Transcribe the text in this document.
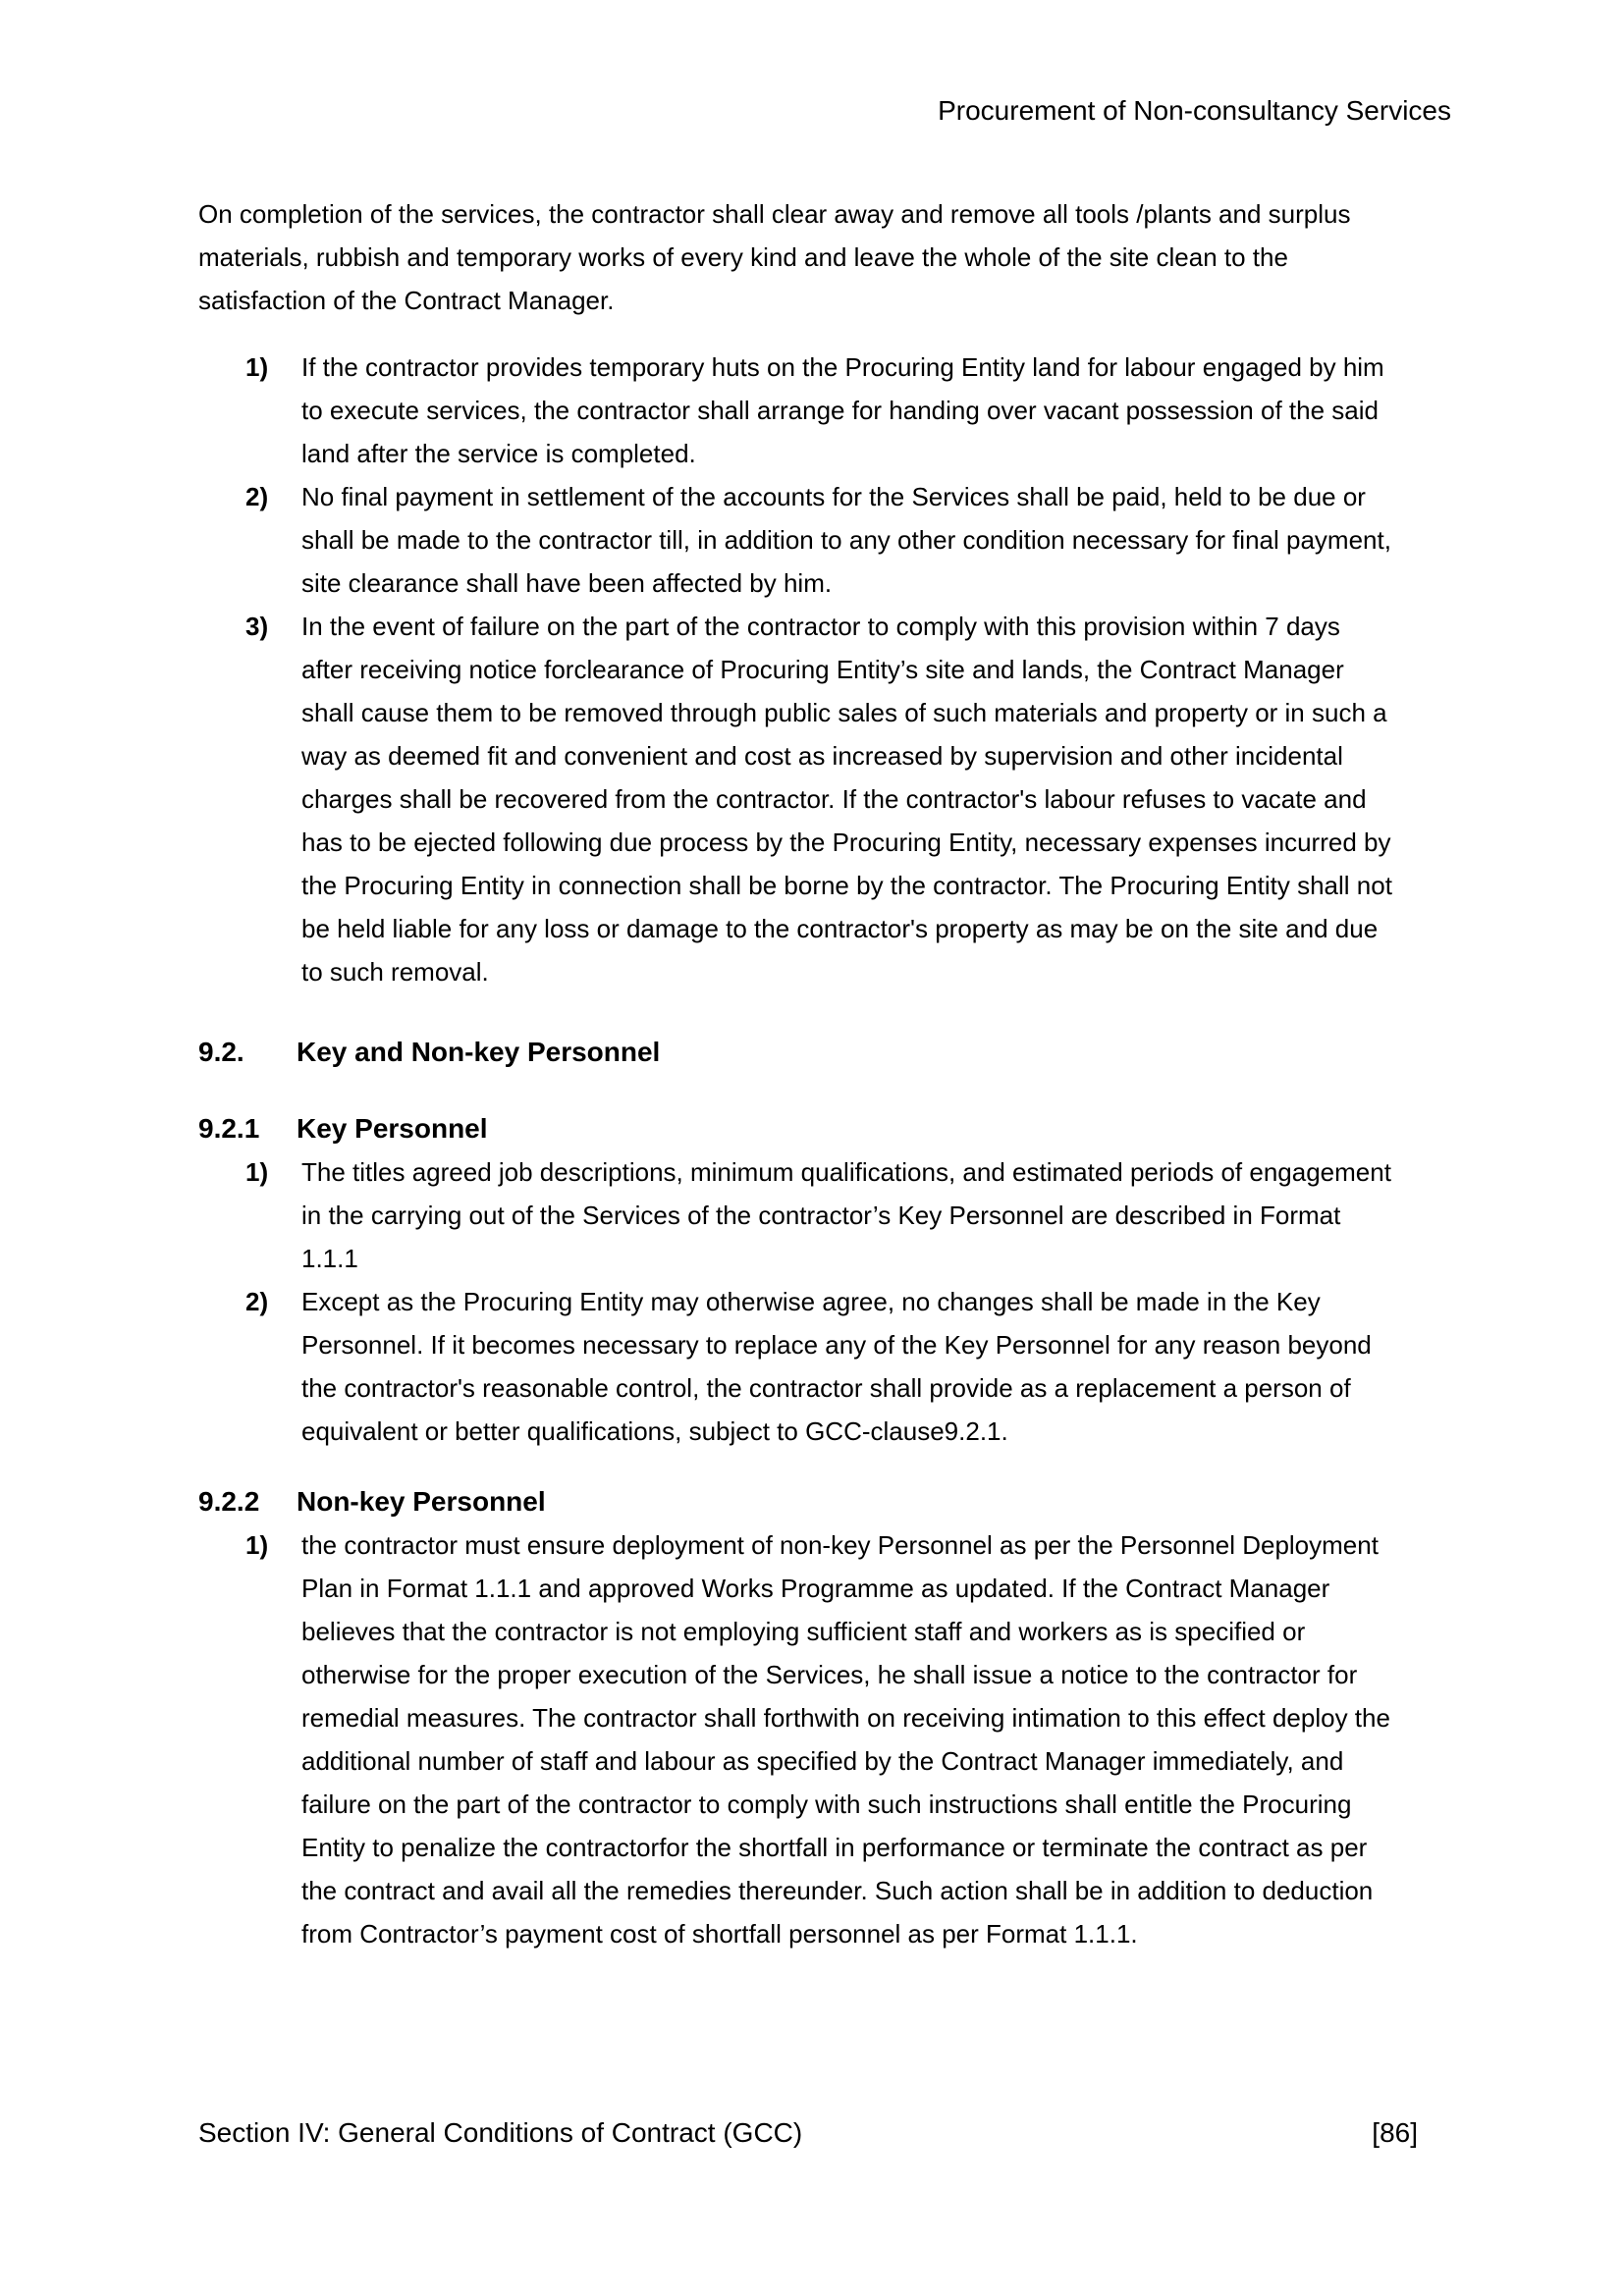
Procurement of Non-consultancy Services

On completion of the services, the contractor shall clear away and remove all tools /plants and surplus materials, rubbish and temporary works of every kind and leave the whole of the site clean to the satisfaction of the Contract Manager.

1)	If the contractor provides temporary huts on the Procuring Entity land for labour engaged by him to execute services, the contractor shall arrange for handing over vacant possession of the said land after the service is completed.
2)	No final payment in settlement of the accounts for the Services shall be paid, held to be due or shall be made to the contractor till, in addition to any other condition necessary for final payment, site clearance shall have been affected by him.
3)	In the event of failure on the part of the contractor to comply with this provision within 7 days after receiving notice forclearance of Procuring Entity’s site and lands, the Contract Manager shall cause them to be removed through public sales of such materials and property or in such a way as deemed fit and convenient and cost as increased by supervision and other incidental charges shall be recovered from the contractor. If the contractor's labour refuses to vacate and has to be ejected following due process by the Procuring Entity, necessary expenses incurred by the Procuring Entity in connection shall be borne by the contractor. The Procuring Entity shall not be held liable for any loss or damage to the contractor's property as may be on the site and due to such removal.
9.2.	Key and Non-key Personnel
9.2.1	Key Personnel
1)	The titles agreed job descriptions, minimum qualifications, and estimated periods of engagement in the carrying out of the Services of the contractor’s Key Personnel are described in Format 1.1.1
2)	Except as the Procuring Entity may otherwise agree, no changes shall be made in the Key Personnel. If it becomes necessary to replace any of the Key Personnel for any reason beyond the contractor's reasonable control, the contractor shall provide as a replacement a person of equivalent or better qualifications, subject to GCC-clause9.2.1.
9.2.2	Non-key Personnel
1)	the contractor must ensure deployment of non-key Personnel as per the Personnel Deployment Plan in Format 1.1.1 and approved Works Programme as updated. If the Contract Manager believes that the contractor is not employing sufficient staff and workers as is specified or otherwise for the proper execution of the Services, he shall issue a notice to the contractor for remedial measures. The contractor shall forthwith on receiving intimation to this effect deploy the additional number of staff and labour as specified by the Contract Manager immediately, and failure on the part of the contractor to comply with such instructions shall entitle the Procuring Entity to penalize the contractorfor the shortfall in performance or terminate the contract as per the contract and avail all the remedies thereunder. Such action shall be in addition to deduction from Contractor’s payment cost of shortfall personnel as per Format 1.1.1.
Section IV: General Conditions of Contract (GCC)	[86]
